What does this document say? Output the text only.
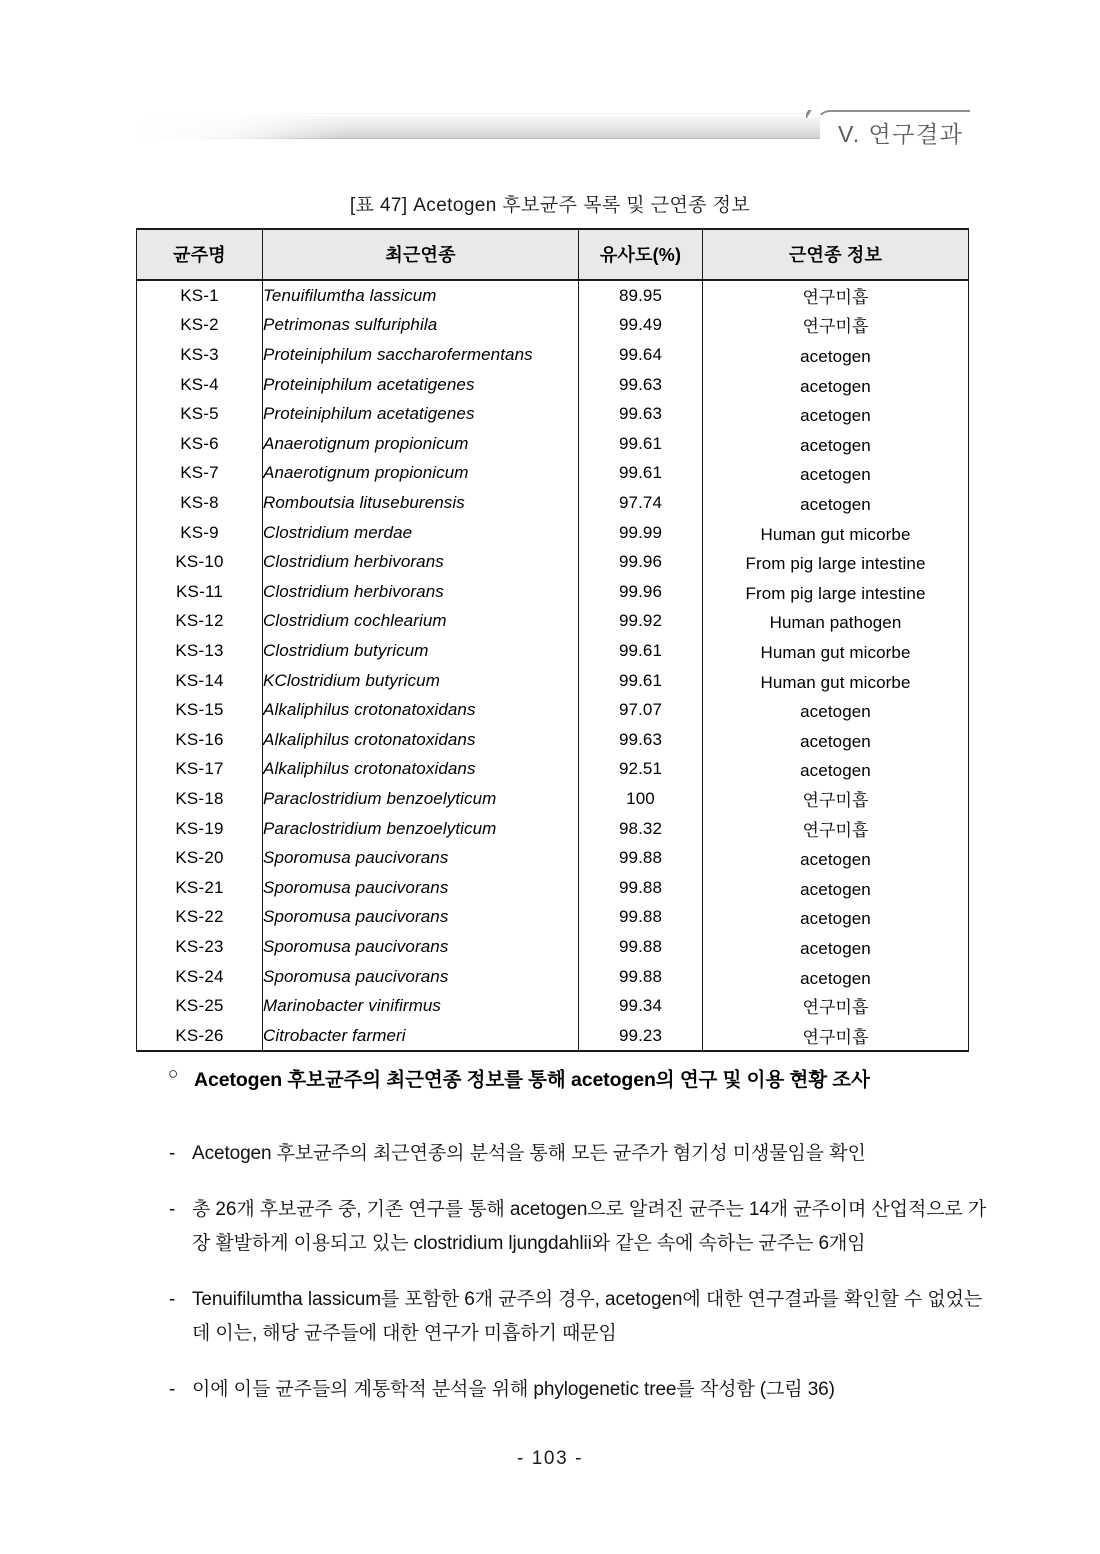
V. 연구결과
[표 47] Acetogen 후보균주 목록 및 근연종 정보
균주명	최근연종	유사도(%)	근연종 정보
KS-1	Tenuifilumtha lassicum	89.95	연구미흡
KS-2	Petrimonas sulfuriphila	99.49	연구미흡
KS-3	Proteiniphilum saccharofermentans	99.64	acetogen
KS-4	Proteiniphilum acetatigenes	99.63	acetogen
KS-5	Proteiniphilum acetatigenes	99.63	acetogen
KS-6	Anaerotignum propionicum	99.61	acetogen
KS-7	Anaerotignum propionicum	99.61	acetogen
KS-8	Romboutsia lituseburensis	97.74	acetogen
KS-9	Clostridium merdae	99.99	Human gut micorbe
KS-10	Clostridium herbivorans	99.96	From pig large intestine
KS-11	Clostridium herbivorans	99.96	From pig large intestine
KS-12	Clostridium cochlearium	99.92	Human pathogen
KS-13	Clostridium butyricum	99.61	Human gut micorbe
KS-14	KClostridium butyricum	99.61	Human gut micorbe
KS-15	Alkaliphilus crotonatoxidans	97.07	acetogen
KS-16	Alkaliphilus crotonatoxidans	99.63	acetogen
KS-17	Alkaliphilus crotonatoxidans	92.51	acetogen
KS-18	Paraclostridium benzoelyticum	100	연구미흡
KS-19	Paraclostridium benzoelyticum	98.32	연구미흡
KS-20	Sporomusa paucivorans	99.88	acetogen
KS-21	Sporomusa paucivorans	99.88	acetogen
KS-22	Sporomusa paucivorans	99.88	acetogen
KS-23	Sporomusa paucivorans	99.88	acetogen
KS-24	Sporomusa paucivorans	99.88	acetogen
KS-25	Marinobacter vinifirmus	99.34	연구미흡
KS-26	Citrobacter farmeri	99.23	연구미흡
○ Acetogen 후보균주의 최근연종 정보를 통해 acetogen의 연구 및 이용 현황 조사
- Acetogen 후보균주의 최근연종의 분석을 통해 모든 균주가 혐기성 미생물임을 확인
- 총 26개 후보균주 중, 기존 연구를 통해 acetogen으로 알려진 균주는 14개 균주이며 산업적으로 가장 활발하게 이용되고 있는 clostridium ljungdahlii와 같은 속에 속하는 균주는 6개임
- Tenuifilumtha lassicum를 포함한 6개 균주의 경우, acetogen에 대한 연구결과를 확인할 수 없었는데 이는, 해당 균주들에 대한 연구가 미흡하기 때문임
- 이에 이들 균주들의 계통학적 분석을 위해 phylogenetic tree를 작성함 (그림 36)
- 103 -
